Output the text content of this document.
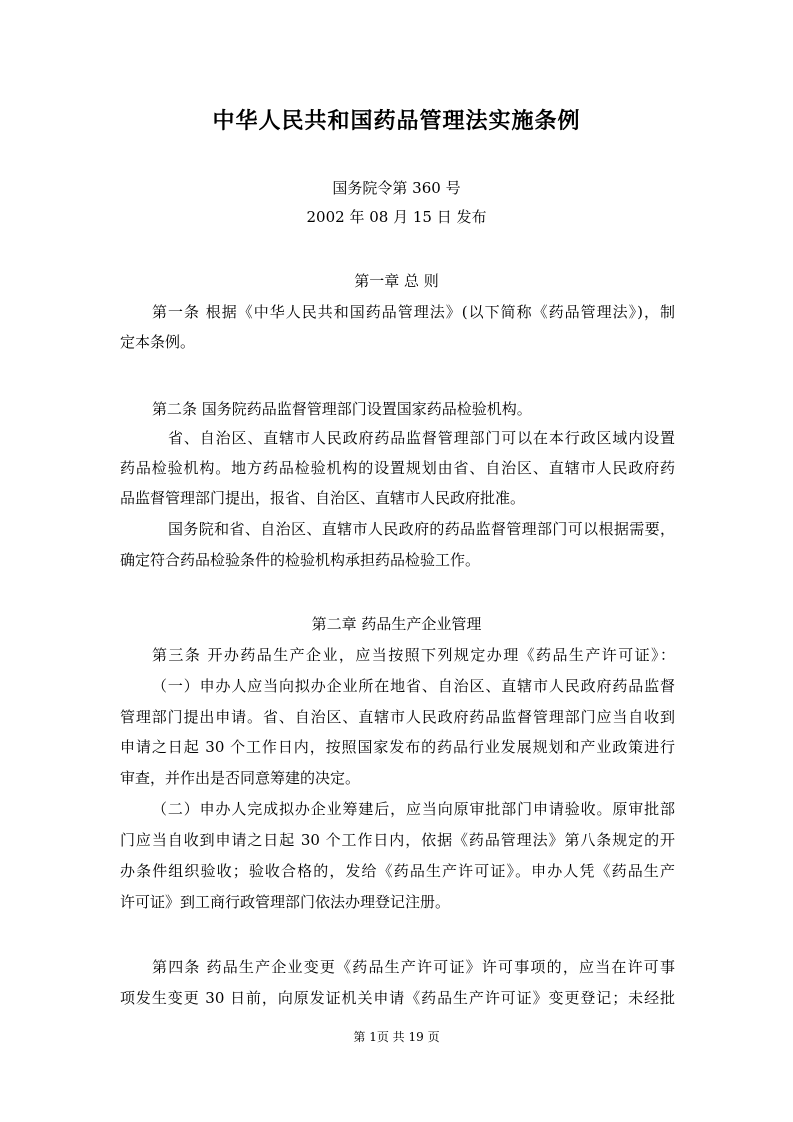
中华人民共和国药品管理法实施条例
国务院令第 360 号
2002 年 08 月 15 日 发布
第一章 总 则
第一条 根据《中华人民共和国药品管理法》(以下简称《药品管理法》)，制
定本条例。
第二条 国务院药品监督管理部门设置国家药品检验机构。
省、自治区、直辖市人民政府药品监督管理部门可以在本行政区域内设置
药品检验机构。地方药品检验机构的设置规划由省、自治区、直辖市人民政府药
品监督管理部门提出，报省、自治区、直辖市人民政府批准。
国务院和省、自治区、直辖市人民政府的药品监督管理部门可以根据需要，
确定符合药品检验条件的检验机构承担药品检验工作。
第二章 药品生产企业管理
第三条 开办药品生产企业，应当按照下列规定办理《药品生产许可证》：
（一）申办人应当向拟办企业所在地省、自治区、直辖市人民政府药品监督
管理部门提出申请。省、自治区、直辖市人民政府药品监督管理部门应当自收到
申请之日起 30 个工作日内，按照国家发布的药品行业发展规划和产业政策进行
审查，并作出是否同意筹建的决定。
（二）申办人完成拟办企业筹建后，应当向原审批部门申请验收。原审批部
门应当自收到申请之日起 30 个工作日内，依据《药品管理法》第八条规定的开
办条件组织验收；验收合格的，发给《药品生产许可证》。申办人凭《药品生产
许可证》到工商行政管理部门依法办理登记注册。
第四条 药品生产企业变更《药品生产许可证》许可事项的，应当在许可事
项发生变更 30 日前，向原发证机关申请《药品生产许可证》变更登记；未经批
第 1页 共 19 页
